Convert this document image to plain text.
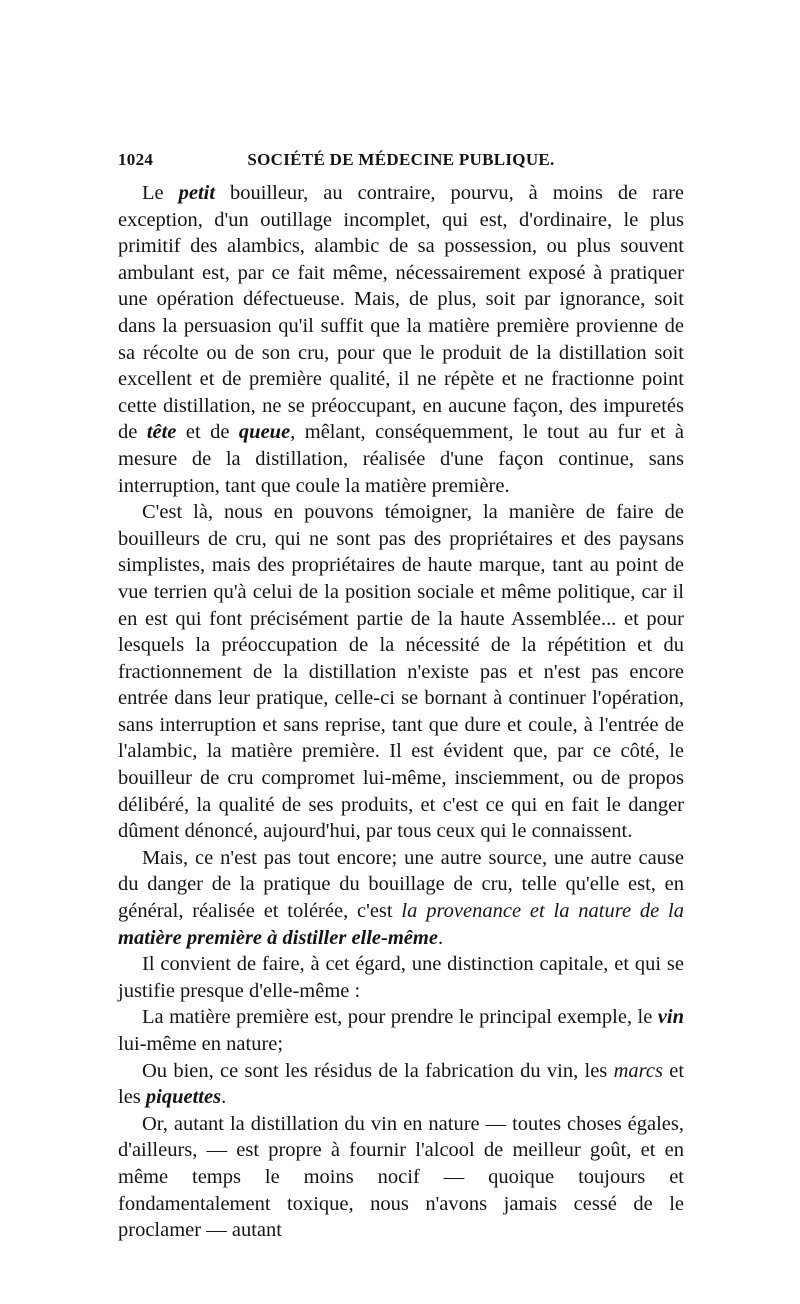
1024	SOCIÉTÉ DE MÉDECINE PUBLIQUE.

Le petit bouilleur, au contraire, pourvu, à moins de rare exception, d'un outillage incomplet, qui est, d'ordinaire, le plus primitif des alambics, alambic de sa possession, ou plus souvent ambulant est, par ce fait même, nécessairement exposé à pratiquer une opération défectueuse. Mais, de plus, soit par ignorance, soit dans la persuasion qu'il suffit que la matière première provienne de sa récolte ou de son cru, pour que le produit de la distillation soit excellent et de première qualité, il ne répète et ne fractionne point cette distillation, ne se préoccupant, en aucune façon, des impuretés de tête et de queue, mêlant, conséquemment, le tout au fur et à mesure de la distillation, réalisée d'une façon continue, sans interruption, tant que coule la matière première.

C'est là, nous en pouvons témoigner, la manière de faire de bouilleurs de cru, qui ne sont pas des propriétaires et des paysans simplistes, mais des propriétaires de haute marque, tant au point de vue terrien qu'à celui de la position sociale et même politique, car il en est qui font précisément partie de la haute Assemblée... et pour lesquels la préoccupation de la nécessité de la répétition et du fractionnement de la distillation n'existe pas et n'est pas encore entrée dans leur pratique, celle-ci se bornant à continuer l'opération, sans interruption et sans reprise, tant que dure et coule, à l'entrée de l'alambic, la matière première. Il est évident que, par ce côté, le bouilleur de cru compromet lui-même, insciemment, ou de propos délibéré, la qualité de ses produits, et c'est ce qui en fait le danger dûment dénoncé, aujourd'hui, par tous ceux qui le connaissent.

Mais, ce n'est pas tout encore; une autre source, une autre cause du danger de la pratique du bouillage de cru, telle qu'elle est, en général, réalisée et tolérée, c'est la provenance et la nature de la matière première à distiller elle-même.

Il convient de faire, à cet égard, une distinction capitale, et qui se justifie presque d'elle-même :

La matière première est, pour prendre le principal exemple, le vin lui-même en nature;

Ou bien, ce sont les résidus de la fabrication du vin, les marcs et les piquettes.

Or, autant la distillation du vin en nature — toutes choses égales, d'ailleurs, — est propre à fournir l'alcool de meilleur goût, et en même temps le moins nocif — quoique toujours et fondamentalement toxique, nous n'avons jamais cessé de le proclamer — autant
